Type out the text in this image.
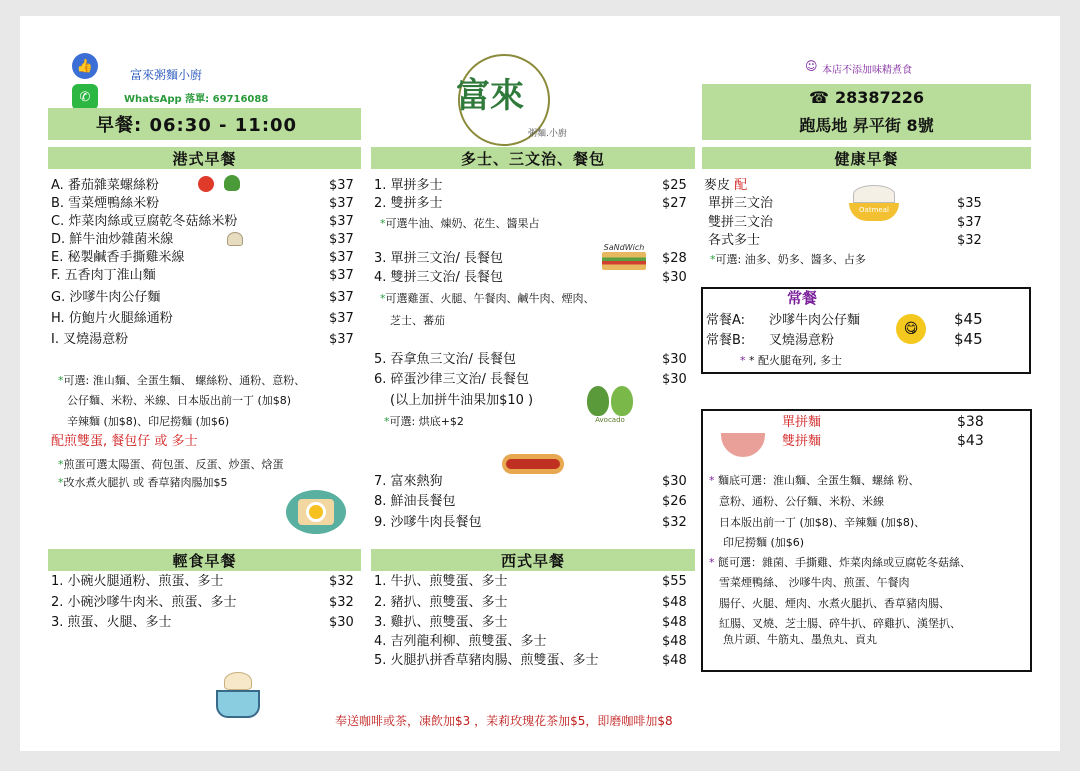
👍
富來粥麵小廚
✆	WhatsApp 落單: 69716088
早餐: 06:30 - 11:00
富來
粥麵.小廚
☺ 本店不添加味精煮食
☎ 28387226
跑馬地 昇平街 8號
港式早餐	多士、三文治、餐包	健康早餐
A. 番茄雜菜螺絲粉	$37
B. 雪菜煙鴨絲米粉	$37
C. 炸菜肉絲或豆腐乾冬菇絲米粉	$37
D. 鮮牛油炒雜菌米線	$37
E. 秘製鹹香手撕雞米線	$37
F. 五香肉丁淮山麵	$37
G. 沙嗲牛肉公仔麵	$37
H. 仿鮑片火腿絲通粉	$37
I. 叉燒湯意粉	$37
*可選: 淮山麵、全蛋生麵、 螺絲粉、通粉、意粉、
公仔麵、米粉、米線、日本版出前一丁 (加$8)
辛辣麵 (加$8)、印尼撈麵 (加$6)
配煎雙蛋, 餐包仔 或 多士
*煎蛋可選太陽蛋、荷包蛋、反蛋、炒蛋、焓蛋
*改水煮火腿扒 或 香草豬肉腸加$5
1. 單拼多士	$25
2. 雙拼多士	$27
*可選牛油、煉奶、花生、醬果占
3. 單拼三文治/ 長餐包	$28
4. 雙拼三文治/ 長餐包	$30
SaNdWich
*可選雞蛋、火腿、午餐肉、鹹牛肉、煙肉、
芝士、蕃茄
5. 吞拿魚三文治/ 長餐包	$30
6. 碎蛋沙律三文治/ 長餐包	$30
(以上加拼牛油果加$10 )
Avocado
*可選: 烘底+$2
7. 富來熱狗	$30
8. 鮮油長餐包	$26
9. 沙嗲牛肉長餐包	$32
麥皮 配
單拼三文治	$35
雙拼三文治	$37
各式多士	$32
Oatmeal
*可選: 油多、奶多、醬多、占多
常餐
常餐A: 沙嗲牛肉公仔麵	$45
常餐B: 叉燒湯意粉	$45
😋
* * 配火腿奄列, 多士
單拼麵	$38
雙拼麵	$43
* 麵底可選：淮山麵、全蛋生麵、螺絲 粉、
意粉、通粉、公仔麵、米粉、米線
日本版出前一丁 (加$8)、辛辣麵 (加$8)、
印尼撈麵 (加$6)
* 餸可選：雜菌、手撕雞、炸菜肉絲或豆腐乾冬菇絲、
雪菜煙鴨絲、 沙嗲牛肉、煎蛋、午餐肉
腸仔、火腿、煙肉、水煮火腿扒、香草豬肉腸、
紅腸、叉燒、芝士腸、碎牛扒、碎雞扒、漢堡扒、
魚片頭、牛筋丸、墨魚丸、貢丸
輕食早餐
1. 小碗火腿通粉、煎蛋、多士	$32
2. 小碗沙嗲牛肉米、煎蛋、多士	$32
3. 煎蛋、火腿、多士	$30
西式早餐
1. 牛扒、煎雙蛋、多士	$55
2. 豬扒、煎雙蛋、多士	$48
3. 雞扒、煎雙蛋、多士	$48
4. 吉列龍利柳、煎雙蛋、多士	$48
5. 火腿扒拼香草豬肉腸、煎雙蛋、多士	$48
奉送咖啡或茶，凍飲加$3 ，茉莉玫瑰花茶加$5，即磨咖啡加$8
